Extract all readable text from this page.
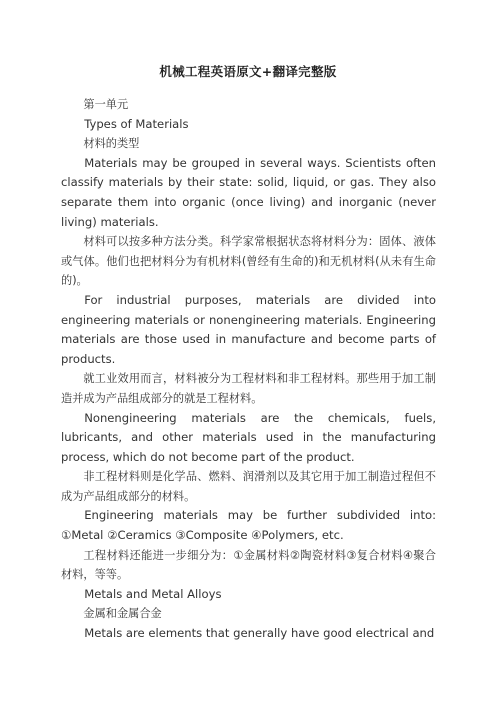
机械工程英语原文+翻译完整版

第一单元

Types of Materials

材料的类型

Materials may be grouped in several ways. Scientists often classify materials by their state: solid, liquid, or gas. They also separate them into organic (once living) and inorganic (never living) materials.

材料可以按多种方法分类。科学家常根据状态将材料分为：固体、液体或气体。他们也把材料分为有机材料(曾经有生命的)和无机材料(从未有生命的)。

For industrial purposes, materials are divided into engineering materials or nonengineering materials. Engineering materials are those used in manufacture and become parts of products.

就工业效用而言，材料被分为工程材料和非工程材料。那些用于加工制造并成为产品组成部分的就是工程材料。

Nonengineering materials are the chemicals, fuels, lubricants, and other materials used in the manufacturing process, which do not become part of the product.

非工程材料则是化学品、燃料、润滑剂以及其它用于加工制造过程但不成为产品组成部分的材料。

Engineering materials may be further subdivided into: ①Metal ②Ceramics ③Composite ④Polymers, etc.

工程材料还能进一步细分为：①金属材料②陶瓷材料③复合材料④聚合材料，等等。

Metals and Metal Alloys

金属和金属合金

Metals are elements that generally have good electrical and
